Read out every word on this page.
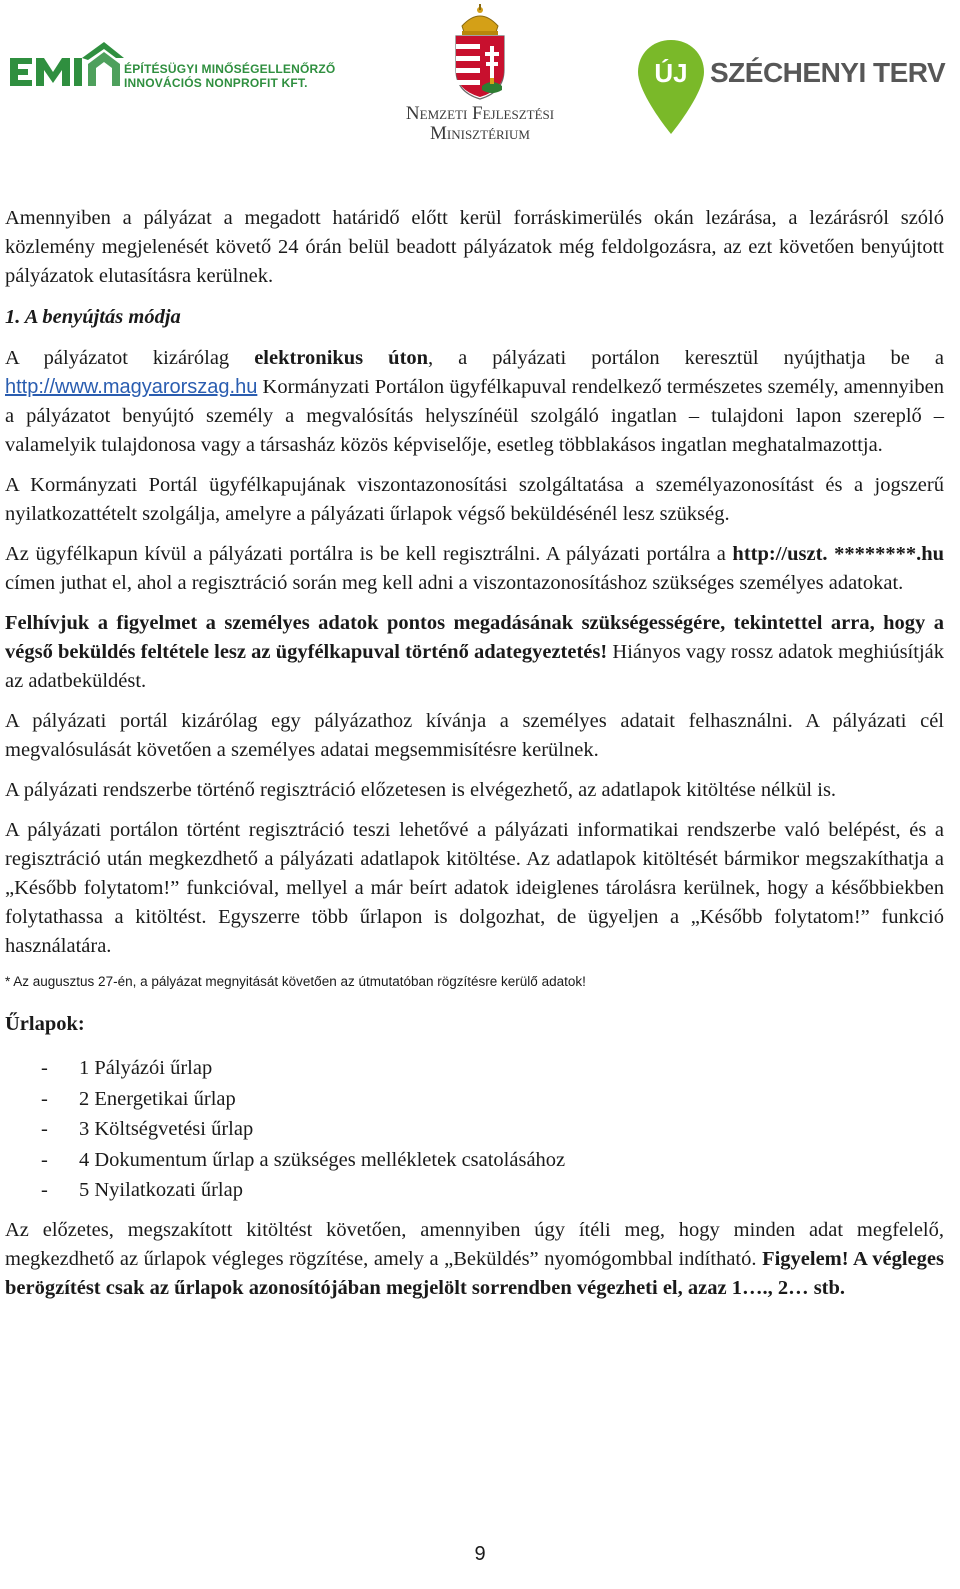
ÉPÍTÉSÜGYI MINŐSÉGELLENŐRZŐ
INNOVÁCIÓS NONPROFIT KFT.
Nemzeti Fejlesztési
Minisztérium
ÚJ SZÉCHENYI TERV

Amennyiben a pályázat a megadott határidő előtt kerül forráskimerülés okán lezárása, a lezárásról szóló közlemény megjelenését követő 24 órán belül beadott pályázatok még feldolgozásra, az ezt követően benyújtott pályázatok elutasításra kerülnek.

1. A benyújtás módja

A pályázatot kizárólag elektronikus úton, a pályázati portálon keresztül nyújthatja be a http://www.magyarorszag.hu Kormányzati Portálon ügyfélkapuval rendelkező természetes személy, amennyiben a pályázatot benyújtó személy a megvalósítás helyszínéül szolgáló ingatlan – tulajdoni lapon szereplő – valamelyik tulajdonosa vagy a társasház közös képviselője, esetleg többlakásos ingatlan meghatalmazottja.

A Kormányzati Portál ügyfélkapujának viszontazonosítási szolgáltatása a személyazonosítást és a jogszerű nyilatkozattételt szolgálja, amelyre a pályázati űrlapok végső beküldésénél lesz szükség.

Az ügyfélkapun kívül a pályázati portálra is be kell regisztrálni. A pályázati portálra a http://uszt. ********.hu címen juthat el, ahol a regisztráció során meg kell adni a viszontazonosításhoz szükséges személyes adatokat.

Felhívjuk a figyelmet a személyes adatok pontos megadásának szükségességére, tekintettel arra, hogy a végső beküldés feltétele lesz az ügyfélkapuval történő adategyeztetés! Hiányos vagy rossz adatok meghiúsítják az adatbeküldést.

A pályázati portál kizárólag egy pályázathoz kívánja a személyes adatait felhasználni. A pályázati cél megvalósulását követően a személyes adatai megsemmisítésre kerülnek.

A pályázati rendszerbe történő regisztráció előzetesen is elvégezhető, az adatlapok kitöltése nélkül is.

A pályázati portálon történt regisztráció teszi lehetővé a pályázati informatikai rendszerbe való belépést, és a regisztráció után megkezdhető a pályázati adatlapok kitöltése. Az adatlapok kitöltését bármikor megszakíthatja a „Később folytatom!” funkcióval, mellyel a már beírt adatok ideiglenes tárolásra kerülnek, hogy a későbbiekben folytathassa a kitöltést. Egyszerre több űrlapon is dolgozhat, de ügyeljen a „Később folytatom!” funkció használatára.

* Az augusztus 27-én, a pályázat megnyitását követően az útmutatóban rögzítésre kerülő adatok!
Űrlapok:
- 1 Pályázói űrlap
- 2 Energetikai űrlap
- 3 Költségvetési űrlap
- 4 Dokumentum űrlap a szükséges mellékletek csatolásához
- 5 Nyilatkozati űrlap

Az előzetes, megszakított kitöltést követően, amennyiben úgy ítéli meg, hogy minden adat megfelelő, megkezdhető az űrlapok végleges rögzítése, amely a „Beküldés” nyomógombbal indítható. Figyelem! A végleges berögzítést csak az űrlapok azonosítójában megjelölt sorrendben végezheti el, azaz 1…., 2… stb.

9
